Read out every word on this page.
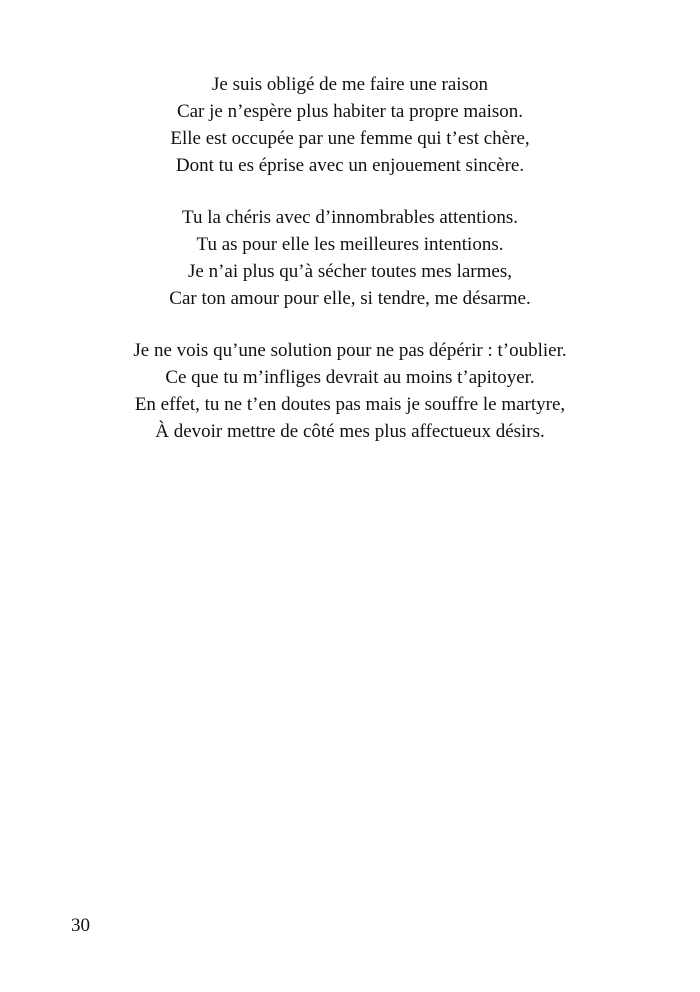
Je suis obligé de me faire une raison
Car je n’espère plus habiter ta propre maison.
Elle est occupée par une femme qui t’est chère,
Dont tu es éprise avec un enjouement sincère.
Tu la chéris avec d’innombrables attentions.
Tu as pour elle les meilleures intentions.
Je n’ai plus qu’à sécher toutes mes larmes,
Car ton amour pour elle, si tendre, me désarme.
Je ne vois qu’une solution pour ne pas dépérir : t’oublier.
Ce que tu m’infliges devrait au moins t’apitoyer.
En effet, tu ne t’en doutes pas mais je souffre le martyre,
À devoir mettre de côté mes plus affectueux désirs.
30
